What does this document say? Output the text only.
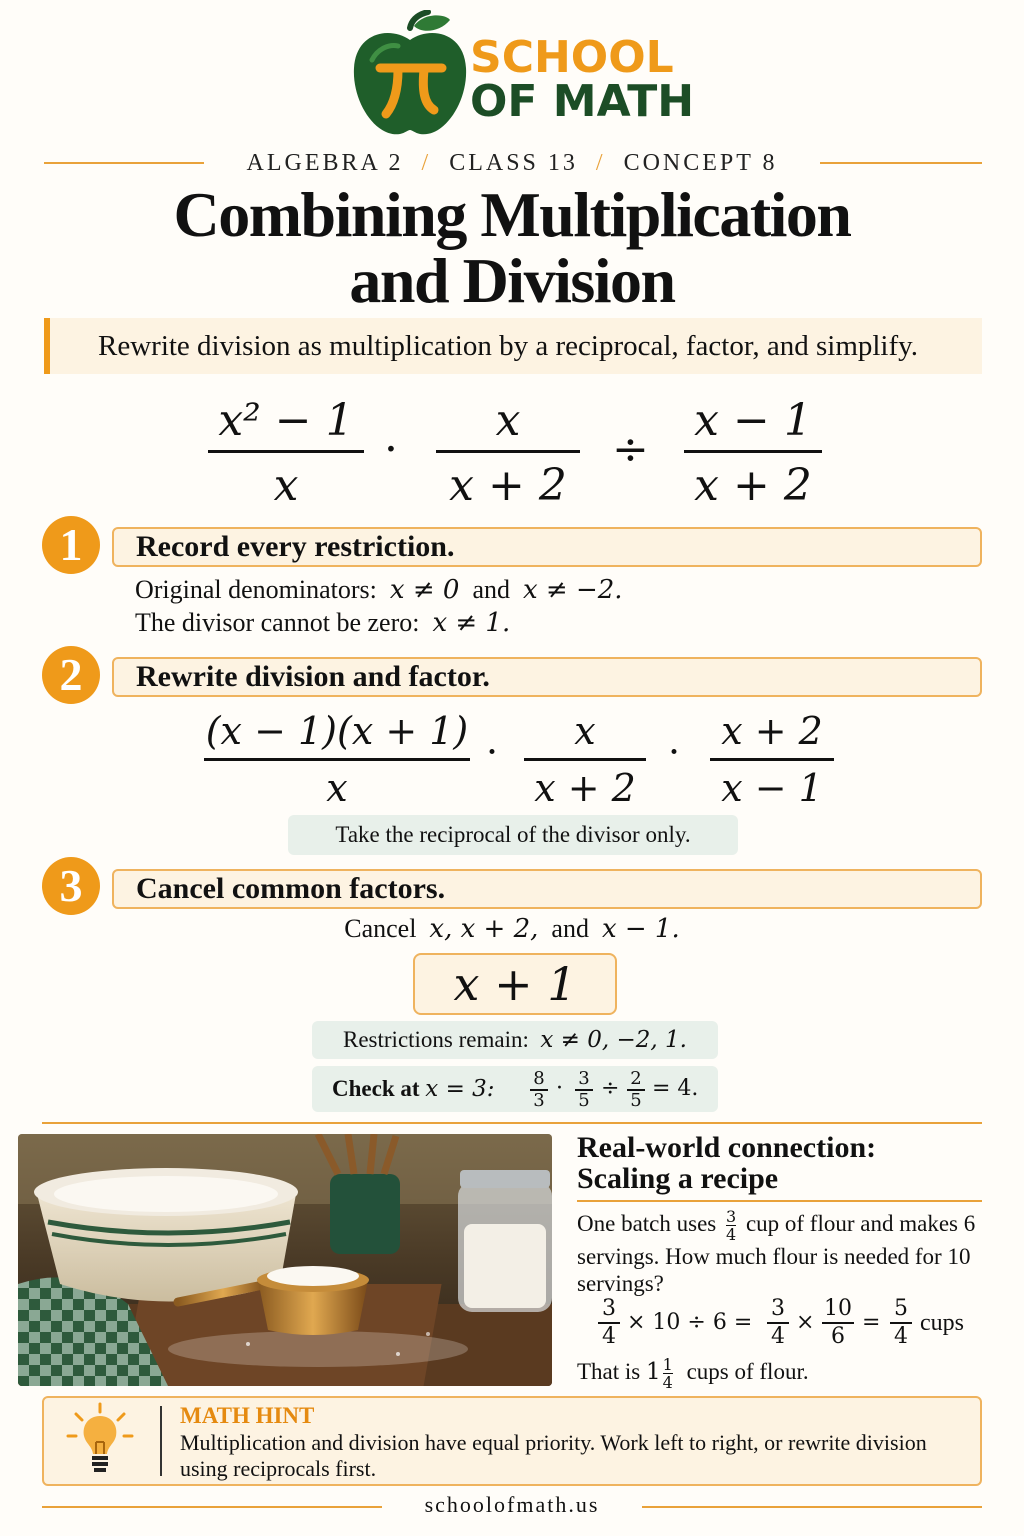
SCHOOL
OF MATH
ALGEBRA 2 / CLASS 13 / CONCEPT 8
Combining Multiplication
and Division
Rewrite division as multiplication by a reciprocal, factor, and simplify.
x² − 1
x
·
x
x + 2
÷
x − 1
x + 2
1	Record every restriction.
Original denominators: x ≠ 0 and x ≠ −2.
The divisor cannot be zero: x ≠ 1.
2	Rewrite division and factor.
(x − 1)(x + 1)
x
·	x
x + 2
· x + 2
x − 1
Take the reciprocal of the divisor only.
3	Cancel common factors.
Cancel x, x + 2, and x − 1.
x + 1
Restrictions remain: x ≠ 0, −2, 1.
Check at x = 3: 8
3 · 3
5 ÷ 2
5 = 4.
Real-world connection:
Scaling a recipe
One batch uses $\frac{3}{4}$ cup of flour and makes 6 servings. How much flour is needed for 10 servings?
3
4
× 10 ÷ 6 =
3
4
×
10
6
=
5
4 cups
That is $1 \frac{1}{4}$ cups of flour.
MATH HINT
Multiplication and division have equal priority. Work left to right, or rewrite division using reciprocals first.
schoolofmath.us
